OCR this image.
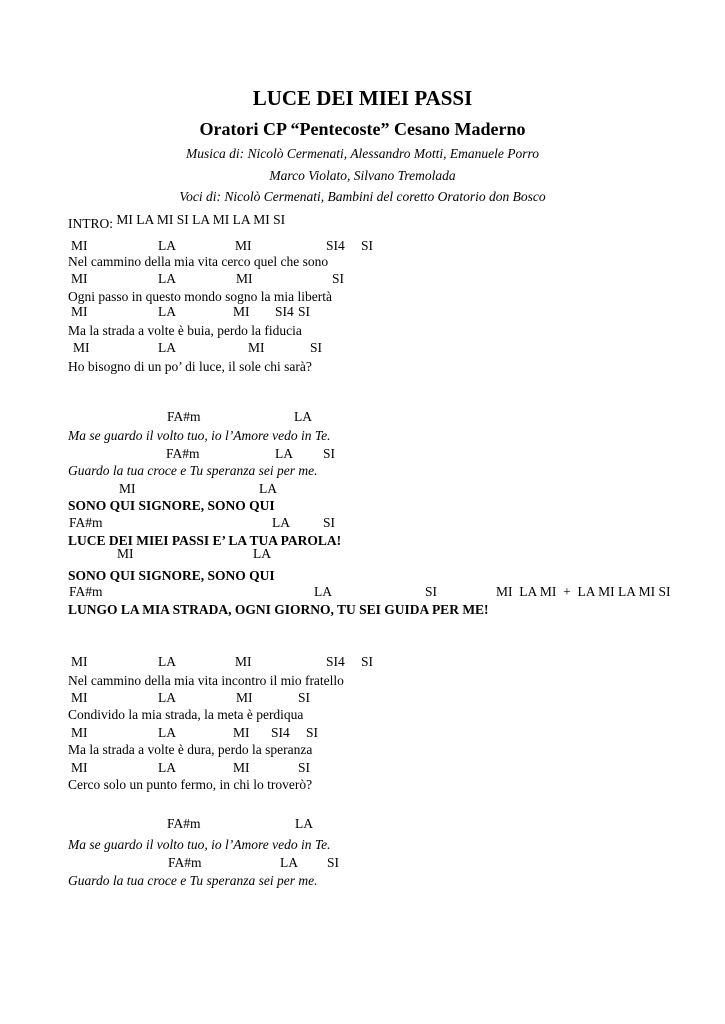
LUCE DEI MIEI PASSI
Oratori CP “Pentecoste” Cesano Maderno
Musica di: Nicolò Cermenati, Alessandro Motti, Emanuele Porro
Marco Violato, Silvano Tremolada
Voci di: Nicolò Cermenati, Bambini del coretto Oratorio don Bosco
INTRO: MI LA MI SI LA MI LA MI SI
MI	LA	MI	SI4 SI
Nel cammino della mia vita cerco quel che sono
MI	LA	MI	SI
Ogni passo in questo mondo sogno la mia libertà
MI	LA	MI SI4 SI
Ma la strada a volte è buia, perdo la fiducia
MI	LA	MI	SI
Ho bisogno di un po’ di luce, il sole chi sarà?
FA#m	LA
Ma se guardo il volto tuo, io l’Amore vedo in Te.
FA#m	LA SI
Guardo la tua croce e Tu speranza sei per me.
MI	LA
SONO QUI SIGNORE, SONO QUI
FA#m	LA SI
LUCE DEI MIEI PASSI E’ LA TUA PAROLA!
MI	LA
SONO QUI SIGNORE, SONO QUI
FA#m	LA	SI	MI  LA MI  +  LA MI LA MI SI
LUNGO LA MIA STRADA, OGNI GIORNO, TU SEI GUIDA PER ME!
MI	LA	MI	SI4 SI
Nel cammino della mia vita incontro il mio fratello
MI	LA	MI	SI
Condivido la mia strada, la meta è perdiqua
MI	LA	MI SI4 SI
Ma la strada a volte è dura, perdo la speranza
MI	LA	MI	SI
Cerco solo un punto fermo, in chi lo troverò?
FA#m	LA
Ma se guardo il volto tuo, io l’Amore vedo in Te.
FA#m	LA SI
Guardo la tua croce e Tu speranza sei per me.
